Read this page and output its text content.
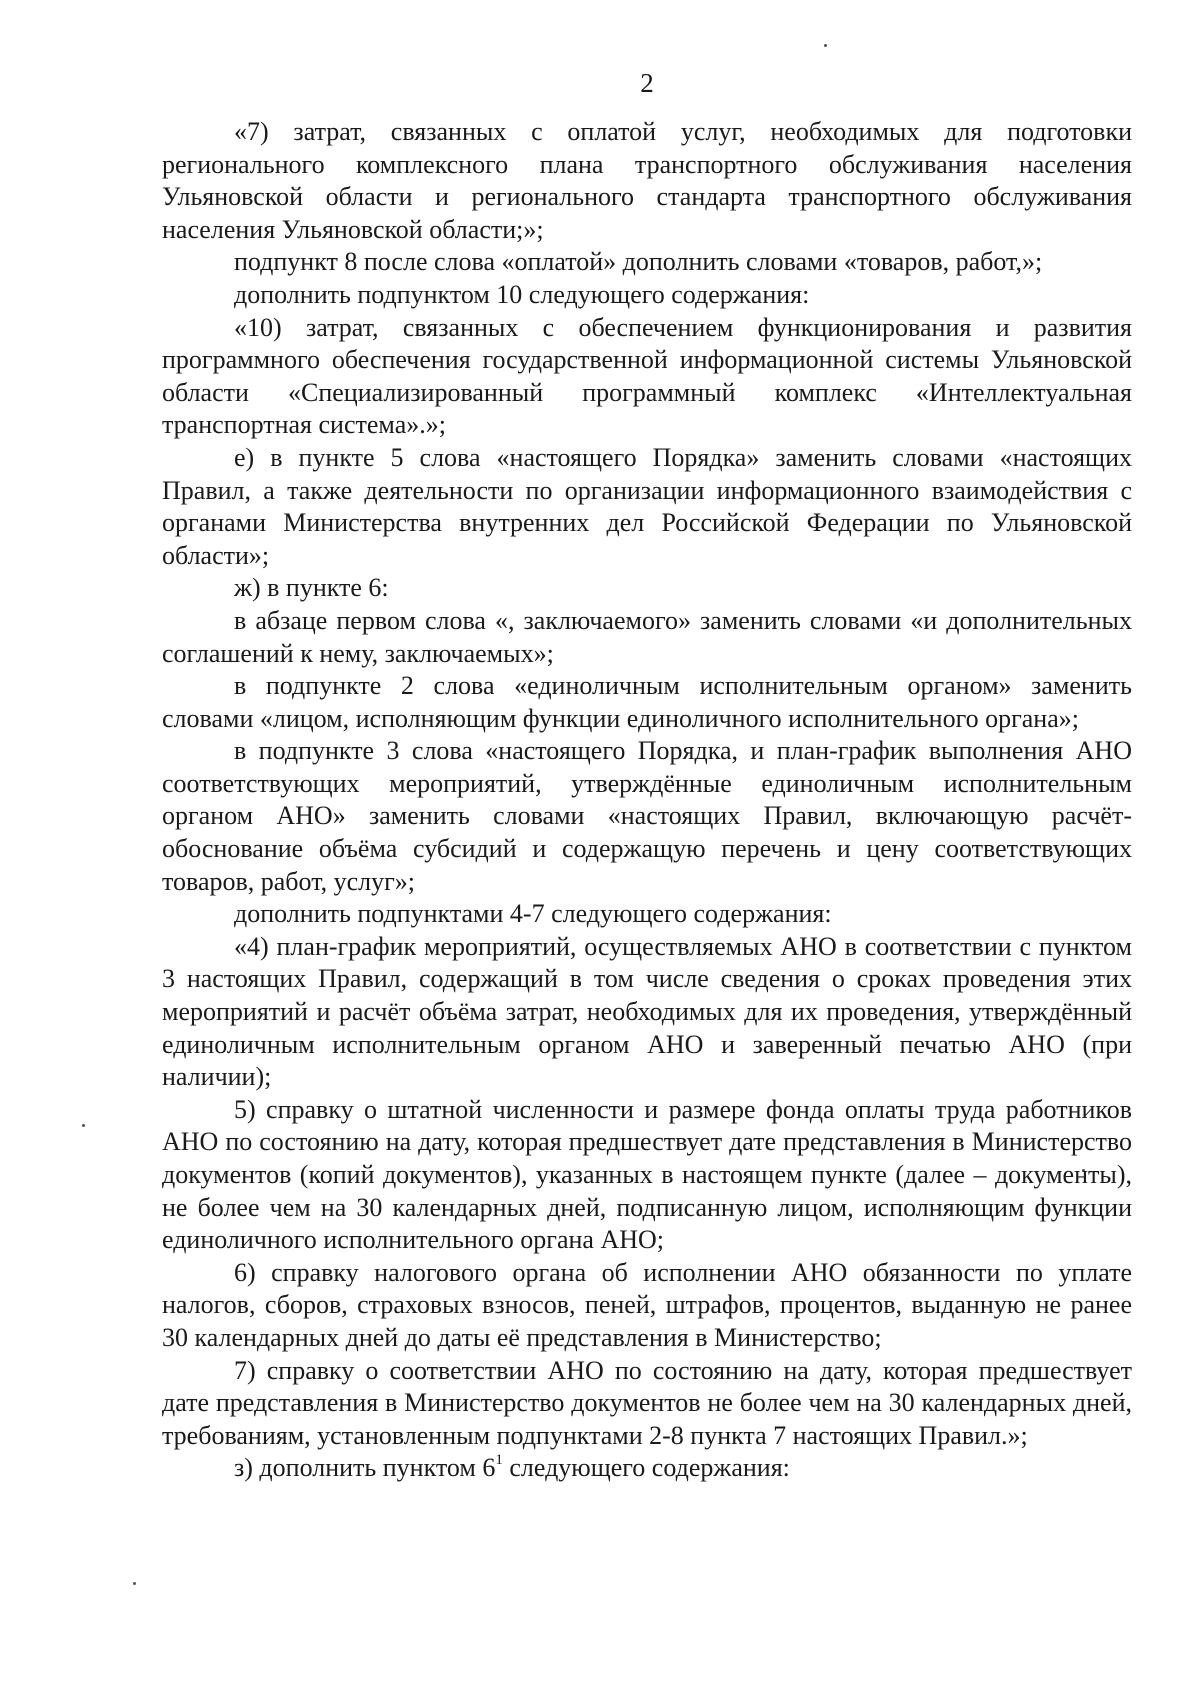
2

«7) затрат, связанных с оплатой услуг, необходимых для подготовки регионального комплексного плана транспортного обслуживания населения Ульяновской области и регионального стандарта транспортного обслуживания населения Ульяновской области;»;

подпункт 8 после слова «оплатой» дополнить словами «товаров, работ,»;

дополнить подпунктом 10 следующего содержания:

«10) затрат, связанных с обеспечением функционирования и развития программного обеспечения государственной информационной системы Ульяновской области «Специализированный программный комплекс «Интеллектуальная транспортная система».»;

е) в пункте 5 слова «настоящего Порядка» заменить словами «настоящих Правил, а также деятельности по организации информационного взаимодействия с органами Министерства внутренних дел Российской Федерации по Ульяновской области»;

ж) в пункте 6:

в абзаце первом слова «, заключаемого» заменить словами «и дополнительных соглашений к нему, заключаемых»;

в подпункте 2 слова «единоличным исполнительным органом» заменить словами «лицом, исполняющим функции единоличного исполнительного органа»;

в подпункте 3 слова «настоящего Порядка, и план-график выполнения АНО соответствующих мероприятий, утверждённые единоличным исполнительным органом АНО» заменить словами «настоящих Правил, включающую расчёт-обоснование объёма субсидий и содержащую перечень и цену соответствующих товаров, работ, услуг»;

дополнить подпунктами 4-7 следующего содержания:

«4) план-график мероприятий, осуществляемых АНО в соответствии с пунктом 3 настоящих Правил, содержащий в том числе сведения о сроках проведения этих мероприятий и расчёт объёма затрат, необходимых для их проведения, утверждённый единоличным исполнительным органом АНО и заверенный печатью АНО (при наличии);

5) справку о штатной численности и размере фонда оплаты труда работников АНО по состоянию на дату, которая предшествует дате представления в Министерство документов (копий документов), указанных в настоящем пункте (далее – документы), не более чем на 30 календарных дней, подписанную лицом, исполняющим функции единоличного исполнительного органа АНО;

6) справку налогового органа об исполнении АНО обязанности по уплате налогов, сборов, страховых взносов, пеней, штрафов, процентов, выданную не ранее 30 календарных дней до даты её представления в Министерство;

7) справку о соответствии АНО по состоянию на дату, которая предшествует дате представления в Министерство документов не более чем на 30 календарных дней, требованиям, установленным подпунктами 2-8 пункта 7 настоящих Правил.»;

з) дополнить пунктом $6^1$ следующего содержания:
